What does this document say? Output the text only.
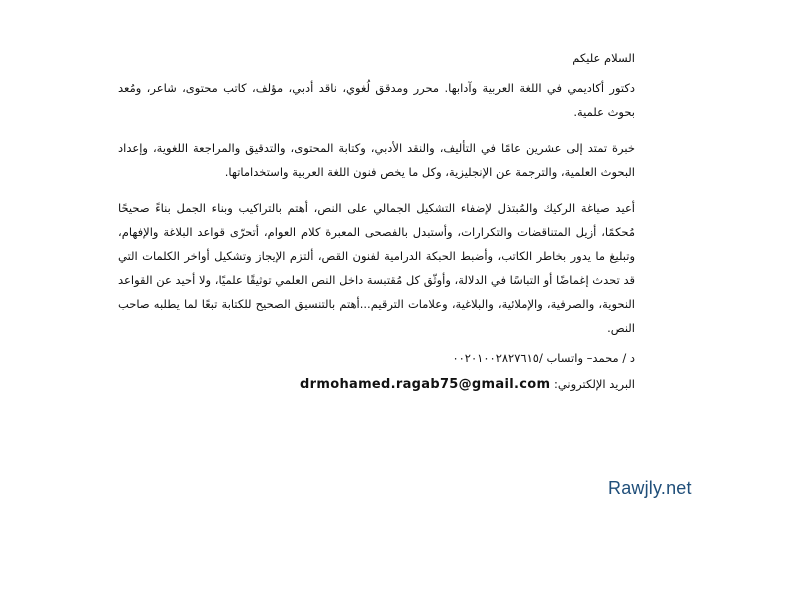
السلام عليكم

دكتور أكاديمي في اللغة العربية وآدابها. محرر ومدقق لُغوي، ناقد أدبي، مؤلف، كاتب محتوى، شاعر، ومُعد بحوث علمية.

خبرة تمتد إلى عشرين عامًا في التأليف، والنقد الأدبي، وكتابة المحتوى، والتدقيق والمراجعة اللغوية، وإعداد البحوث العلمية، والترجمة عن الإنجليزية، وكل ما يخص فنون اللغة العربية واستخداماتها.

أعيد صياغة الركيك والمُبتذل لإضفاء التشكيل الجمالي على النص، أهتم بالتراكيب وبناء الجمل بناءً صحيحًا مُحكمًا، أزيل المتناقضات والتكرارات، وأستبدل بالفصحى المعبرة كلام العوام، أتحرّى قواعد البلاغة والإفهام، وتبليغ ما يدور بخاطر الكاتب، وأضبط الحبكة الدرامية لفنون القص، ألتزم الإيجاز وتشكيل أواخر الكلمات التي قد تحدث إغماضًا أو التباسًا في الدلالة، وأوثّق كل مُقتبسة داخل النص العلمي توثيقًا علميًا، ولا أحيد عن القواعد النحوية، والصرفية، والإملائية، والبلاغية، وعلامات الترقيم...أهتم بالتنسيق الصحيح للكتابة تبعًا لما يطلبه صاحب النص.

د / محمد– واتساب /٠٠٢٠١٠٠٢٨٢٧٦١٥

البريد الإلكتروني: drmohamed.ragab75@gmail.com

Rawjly.net
